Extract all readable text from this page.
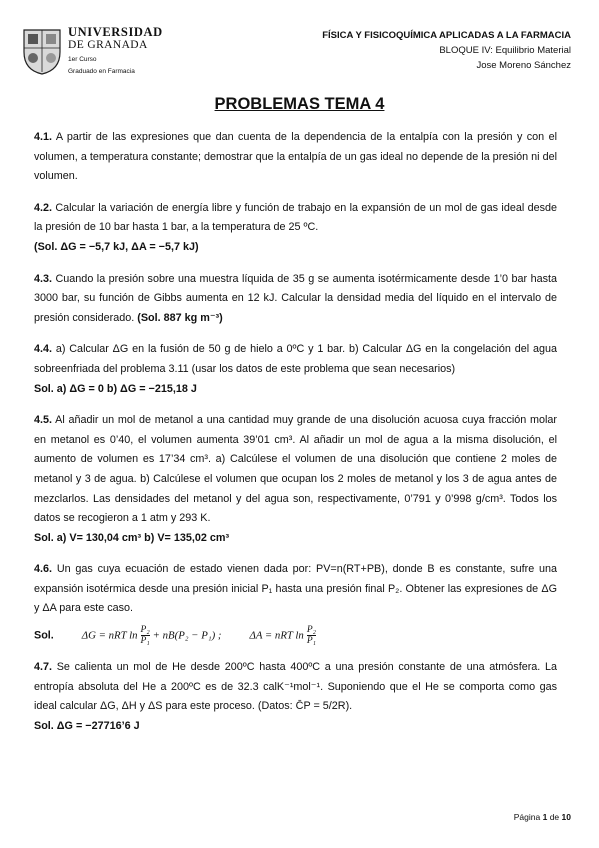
UNIVERSIDAD
DE GRANADA
1er Curso
Graduado en Farmacia
FÍSICA Y FISICOQUÍMICA APLICADAS A LA FARMACIA
BLOQUE IV: Equilibrio Material
Jose Moreno Sánchez
PROBLEMAS TEMA 4
4.1. A partir de las expresiones que dan cuenta de la dependencia de la entalpía con la presión y con el volumen, a temperatura constante; demostrar que la entalpía de un gas ideal no depende de la presión ni del volumen.
4.2. Calcular la variación de energía libre y función de trabajo en la expansión de un mol de gas ideal desde la presión de 10 bar hasta 1 bar, a la temperatura de 25 ºC.
(Sol. ΔG = −5,7 kJ, ΔA = −5,7 kJ)
4.3. Cuando la presión sobre una muestra líquida de 35 g se aumenta isotérmicamente desde 1’0 bar hasta 3000 bar, su función de Gibbs aumenta en 12 kJ. Calcular la densidad media del líquido en el intervalo de presión considerado. (Sol. 887 kg m⁻³)
4.4. a) Calcular ΔG en la fusión de 50 g de hielo a 0ºC y 1 bar. b) Calcular ΔG en la congelación del agua sobreenfriada del problema 3.11 (usar los datos de este problema que sean necesarios)
Sol. a) ΔG = 0 b) ΔG = −215,18 J
4.5. Al añadir un mol de metanol a una cantidad muy grande de una disolución acuosa cuya fracción molar en metanol es 0’40, el volumen aumenta 39’01 cm³. Al añadir un mol de agua a la misma disolución, el aumento de volumen es 17’34 cm³. a) Calcúlese el volumen de una disolución que contiene 2 moles de metanol y 3 de agua. b) Calcúlese el volumen que ocupan los 2 moles de metanol y los 3 de agua antes de mezclarlos. Las densidades del metanol y del agua son, respectivamente, 0’791 y 0’998 g/cm³. Todos los datos se recogieron a 1 atm y 293 K.
Sol. a) V= 130,04 cm³ b) V= 135,02 cm³
4.6. Un gas cuya ecuación de estado vienen dada por: PV=n(RT+PB), donde B es constante, sufre una expansión isotérmica desde una presión inicial P₁ hasta una presión final P₂. Obtener las expresiones de ΔG y ΔA para este caso.
Sol.	ΔG = nRT $\ln \frac{\text{P₂}}{\text{P₁}} + nB(P_2 - P_1)$ ;	ΔA = nRT $\ln \frac{\text{P₂}}{\text{P₁}}$
4.7. Se calienta un mol de He desde 200ºC hasta 400ºC a una presión constante de una atmósfera. La entropía absoluta del He a 200ºC es de 32.3 calK⁻¹mol⁻¹. Suponiendo que el He se comporta como gas ideal calcular ΔG, ΔH y ΔS para este proceso. (Datos: C̄P = 5/2R).
Sol. ΔG = −27716’6 J
Página 1 de 10
